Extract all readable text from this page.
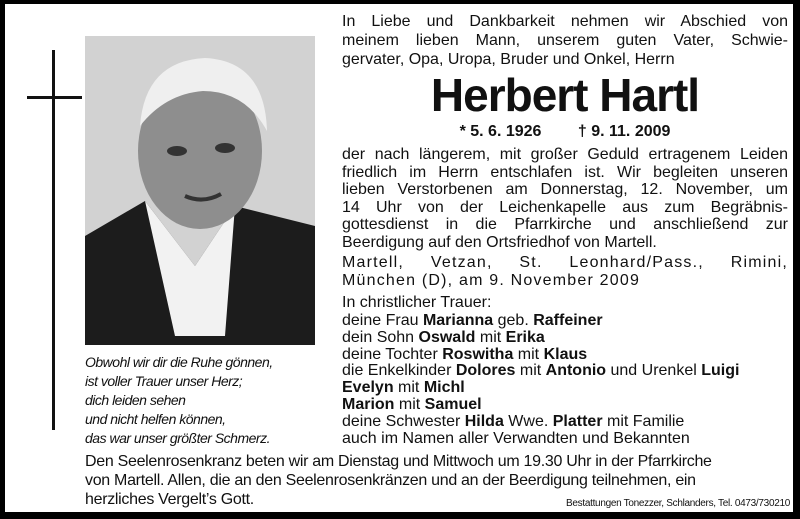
Obwohl wir dir die Ruhe gönnen,
ist voller Trauer unser Herz;
dich leiden sehen
und nicht helfen können,
das war unser größter Schmerz.
In Liebe und Dankbarkeit nehmen wir Abschied von
meinem lieben Mann, unserem guten Vater, Schwie-
gervater, Opa, Uropa, Bruder und Onkel, Herrn
Herbert Hartl
* 5. 6. 1926 † 9. 11. 2009
der nach längerem, mit großer Geduld ertragenem Leiden
friedlich im Herrn entschlafen ist. Wir begleiten unseren
lieben Verstorbenen am Donnerstag, 12. November, um
14 Uhr von der Leichenkapelle aus zum Begräbnis-
gottesdienst in die Pfarrkirche und anschließend zur
Beerdigung auf den Ortsfriedhof von Martell.
Martell, Vetzan, St. Leonhard/Pass., Rimini,
München (D), am 9. November 2009
In christlicher Trauer:
deine Frau Marianna geb. Raffeiner
dein Sohn Oswald mit Erika
deine Tochter Roswitha mit Klaus
die Enkelkinder Dolores mit Antonio und Urenkel Luigi
Evelyn mit Michl
Marion mit Samuel
deine Schwester Hilda Wwe. Platter mit Familie
auch im Namen aller Verwandten und Bekannten
Den Seelenrosenkranz beten wir am Dienstag und Mittwoch um 19.30 Uhr in der Pfarrkirche
von Martell. Allen, die an den Seelenrosenkränzen und an der Beerdigung teilnehmen, ein
herzliches Vergelt’s Gott.	Bestattungen Tonezzer, Schlanders, Tel. 0473/730210
